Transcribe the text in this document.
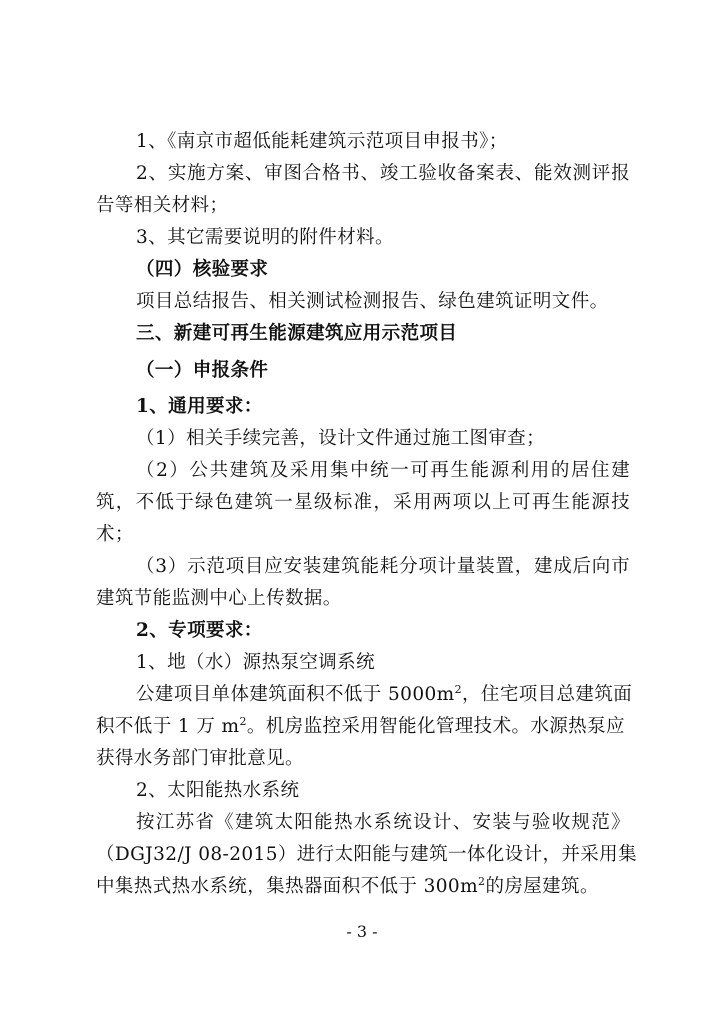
1、《南京市超低能耗建筑示范项目申报书》；
2、实施方案、审图合格书、竣工验收备案表、能效测评报
告等相关材料；
3、其它需要说明的附件材料。
（四）核验要求
项目总结报告、相关测试检测报告、绿色建筑证明文件。
三、新建可再生能源建筑应用示范项目
（一）申报条件
1、通用要求：
（1）相关手续完善，设计文件通过施工图审查；
（2）公共建筑及采用集中统一可再生能源利用的居住建
筑，不低于绿色建筑一星级标准，采用两项以上可再生能源技
术；
（3）示范项目应安装建筑能耗分项计量装置，建成后向市
建筑节能监测中心上传数据。
2、专项要求：
1、地（水）源热泵空调系统
公建项目单体建筑面积不低于 $5000m^2$，住宅项目总建筑面
积不低于 1 万 $m^2$。机房监控采用智能化管理技术。水源热泵应
获得水务部门审批意见。
2、太阳能热水系统
按江苏省《建筑太阳能热水系统设计、安装与验收规范》
（DGJ32/J 08-2015）进行太阳能与建筑一体化设计，并采用集
中集热式热水系统，集热器面积不低于 $300m^2$的房屋建筑。
- 3 -
